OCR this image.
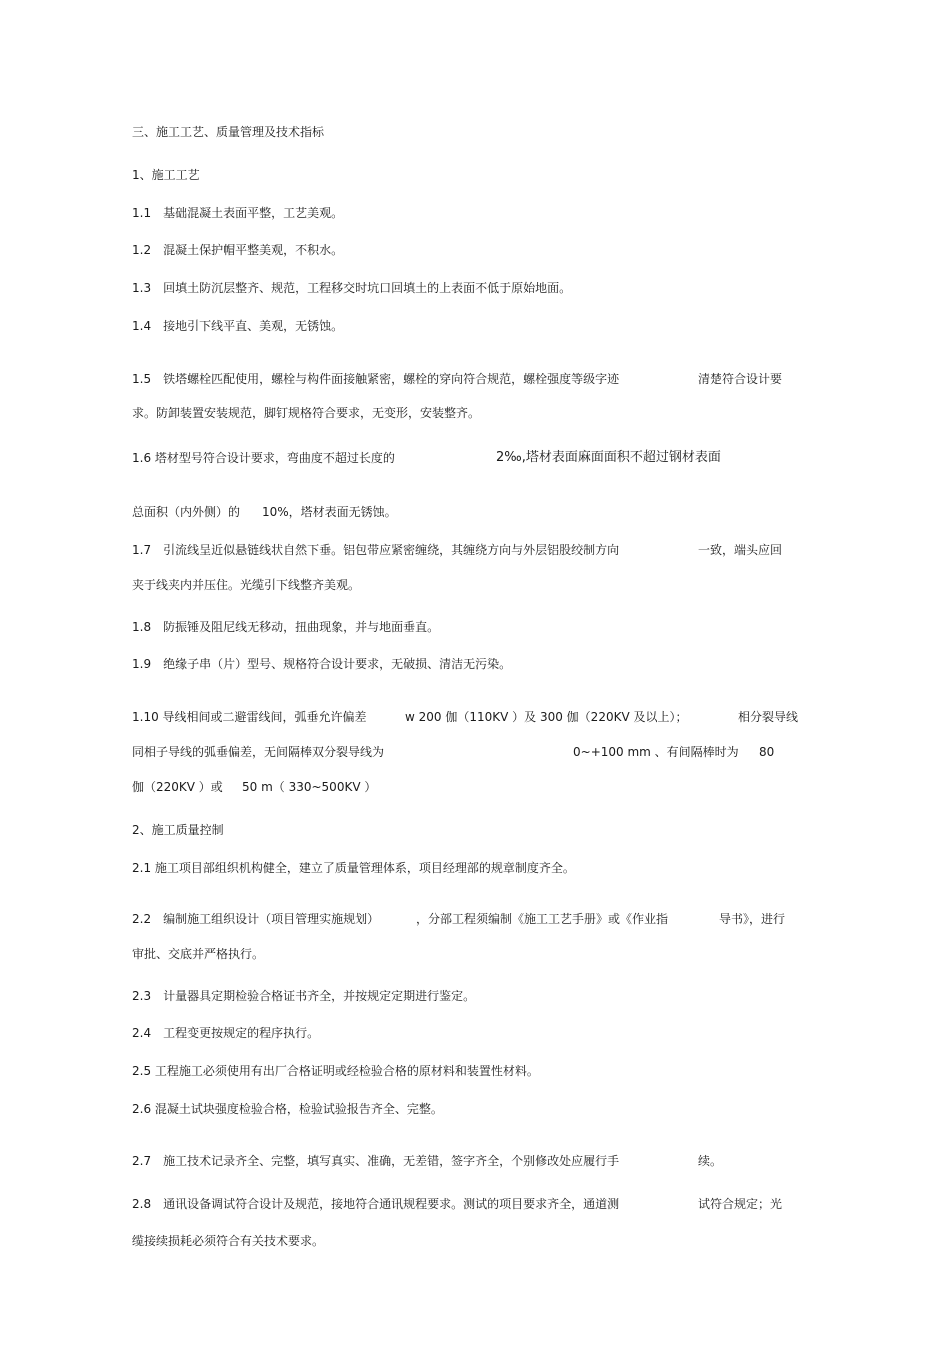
三、施工工艺、质量管理及技术指标
1、施工工艺
1.1　基础混凝土表面平整，工艺美观。
1.2　混凝土保护帽平整美观，不积水。
1.3　回填土防沉层整齐、规范，工程移交时坑口回填土的上表面不低于原始地面。
1.4　接地引下线平直、美观，无锈蚀。
1.5　铁塔螺栓匹配使用，螺栓与构件面接触紧密，螺栓的穿向符合规范，螺栓强度等级字迹	清楚符合设计要
求。防卸装置安装规范，脚钉规格符合要求，无变形，安装整齐。
1.6 塔材型号符合设计要求，弯曲度不超过长度的	2‰,塔材表面麻面面积不超过钢材表面
总面积（内外侧）的 10%，塔材表面无锈蚀。
1.7　引流线呈近似悬链线状自然下垂。铝包带应紧密缠绕，其缠绕方向与外层铝股绞制方向	一致，端头应回
夹于线夹内并压住。光缆引下线整齐美观。
1.8　防振锤及阻尼线无移动，扭曲现象，并与地面垂直。
1.9　绝缘子串（片）型号、规格符合设计要求，无破损、清洁无污染。
1.10 导线相间或二避雷线间，弧垂允许偏差	w 200 伽（110KV ）及 300 伽（220KV 及以上）；	相分裂导线
同相子导线的弧垂偏差，无间隔棒双分裂导线为	0~+100 mm 、有间隔棒时为 80
伽（220KV ）或 50 m（ 330~500KV ）
2、施工质量控制
2.1 施工项目部组织机构健全，建立了质量管理体系，项目经理部的规章制度齐全。
2.2　编制施工组织设计（项目管理实施规划）	，分部工程须编制《施工工艺手册》或《作业指	导书》，进行
审批、交底并严格执行。
2.3　计量器具定期检验合格证书齐全，并按规定定期进行鉴定。
2.4　工程变更按规定的程序执行。
2.5 工程施工必须使用有出厂合格证明或经检验合格的原材料和装置性材料。
2.6 混凝土试块强度检验合格，检验试验报告齐全、完整。
2.7　施工技术记录齐全、完整，填写真实、准确，无差错，签字齐全，个别修改处应履行手	续。
2.8　通讯设备调试符合设计及规范，接地符合通讯规程要求。测试的项目要求齐全，通道测	试符合规定；光
缆接续损耗必须符合有关技术要求。
